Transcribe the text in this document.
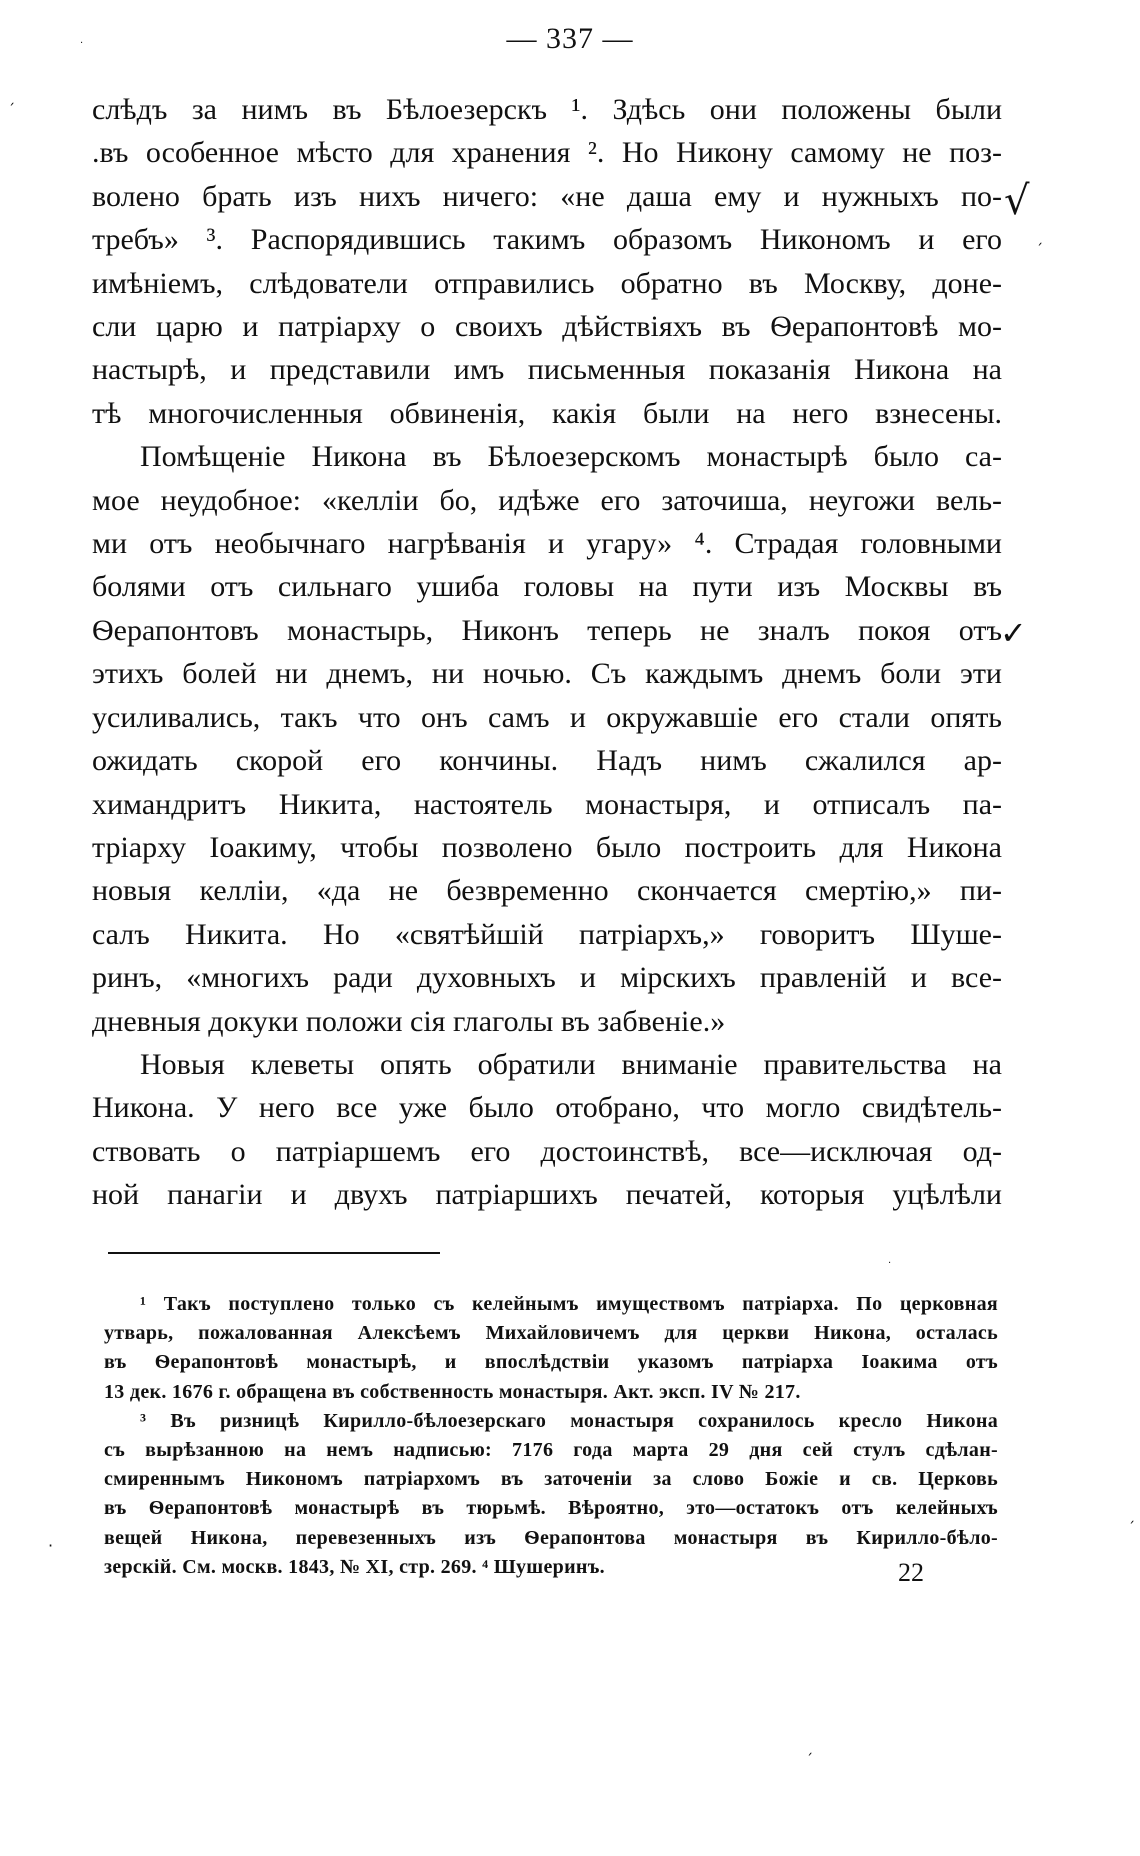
— 337 —
слѣдъ за нимъ въ Бѣлоезерскъ ¹. Здѣсь они положены были
.въ особенное мѣсто для хранения ². Но Никону самому не поз-
волено брать изъ нихъ ничего: «не даша ему и нужныхъ по-
требъ» ³. Распорядившись такимъ образомъ Никономъ и его
имѣніемъ, слѣдователи отправились обратно въ Москву, доне-
сли царю и патріарху о своихъ дѣйствіяхъ въ Ѳерапонтовѣ мо-
настырѣ, и представили имъ письменныя показанія Никона на
тѣ многочисленныя обвиненія, какія были на него взнесены.
Помѣщеніе Никона въ Бѣлоезерскомъ монастырѣ было са-
мое неудобное: «келліи бо, идѣже его заточиша, неугожи вель-
ми отъ необычнаго нагрѣванія и угару» ⁴. Страдая головными
болями отъ сильнаго ушиба головы на пути изъ Москвы въ
Ѳерапонтовъ монастырь, Никонъ теперь не зналъ покоя отъ
этихъ болей ни днемъ, ни ночью. Съ каждымъ днемъ боли эти
усиливались, такъ что онъ самъ и окружавшіе его стали опять
ожидать скорой его кончины. Надъ нимъ сжалился ар-
химандритъ Никита, настоятель монастыря, и отписалъ па-
тріарху Іоакиму, чтобы позволено было построить для Никона
новыя келліи, «да не безвременно скончается смертію,» пи-
салъ Никита. Но «святѣйшій патріархъ,» говоритъ Шуше-
ринъ, «многихъ ради духовныхъ и мірскихъ правленій и все-
дневныя докуки положи сія глаголы въ забвеніе.»
Новыя клеветы опять обратили вниманіе правительства на
Никона. У него все уже было отобрано, что могло свидѣтель-
ствовать о патріаршемъ его достоинствѣ, все—исключая од-
ной панагіи и двухъ патріаршихъ печатей, которыя уцѣлѣли
¹ Такъ поступлено только съ келейнымъ имуществомъ патріарха. По церковная
утварь, пожалованная Алексѣемъ Михайловичемъ для церкви Никона, осталась
въ Ѳерапонтовѣ монастырѣ, и впослѣдствіи указомъ патріарха Іоакима отъ
13 дек. 1676 г. обращена въ собственность монастыря. Акт. эксп. IV № 217.
³ Въ ризницѣ Кирилло-бѣлоезерскаго монастыря сохранилось кресло Никона
съ вырѣзанною на немъ надписью: 7176 года марта 29 дня сей стулъ сдѣлан-
смиреннымъ Никономъ патріархомъ въ заточеніи за слово Божіе и св. Церковь
въ Ѳерапонтовѣ монастырѣ въ тюрьмѣ. Вѣроятно, это—остатокъ отъ келейныхъ
вещей Никона, перевезенныхъ изъ Ѳерапонтова монастыря въ Кирилло-бѣло-
зерскій. См. москв. 1843, № XI, стр. 269. ⁴ Шушеринъ.	22
√
✓
ˏ
ˏ
ˏ
ˏ
·
·
·
